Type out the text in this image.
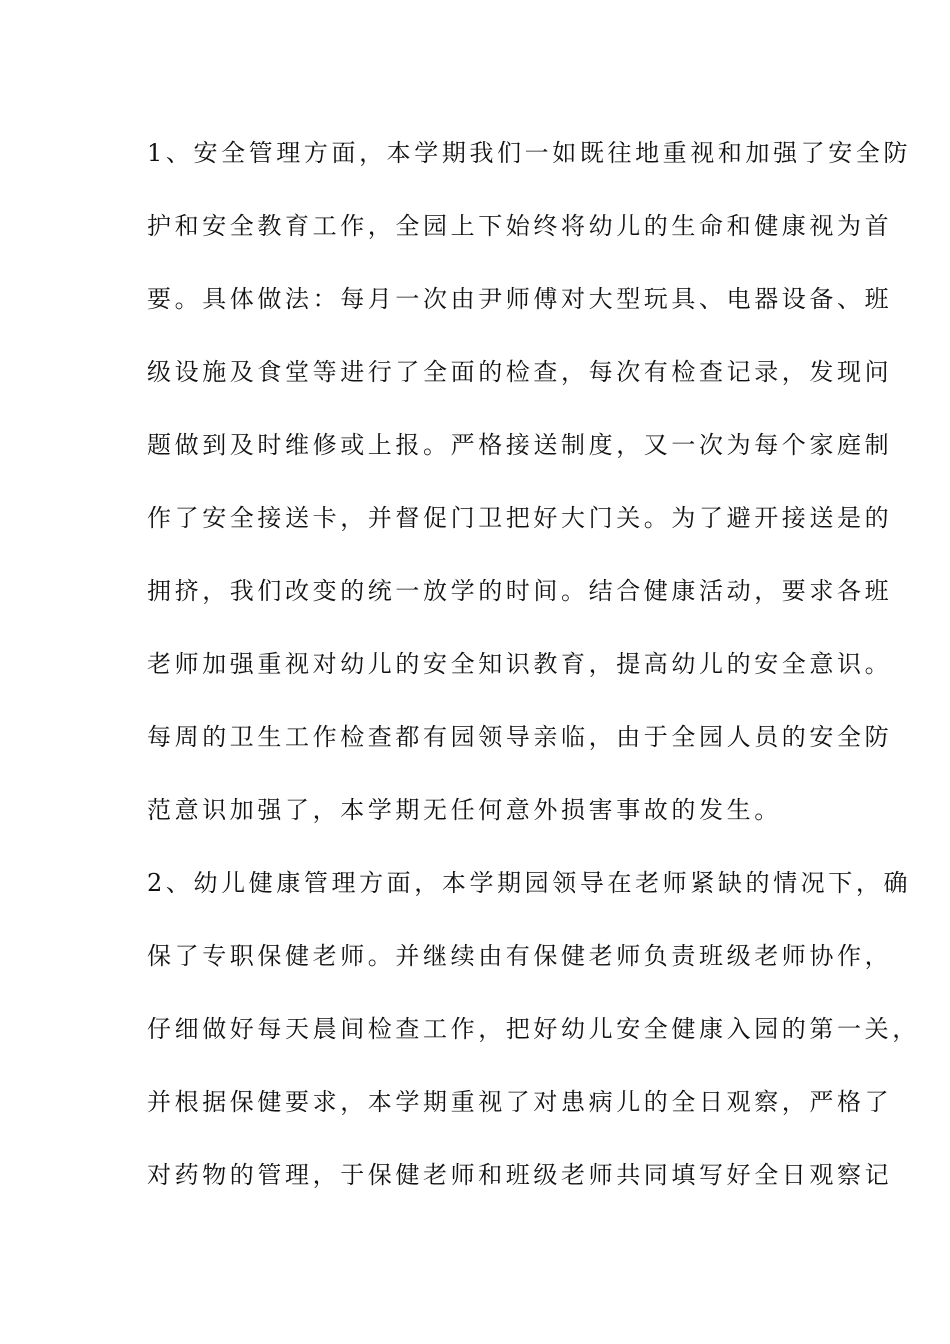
1、安全管理方面，本学期我们一如既往地重视和加强了安全防

护和安全教育工作，全园上下始终将幼儿的生命和健康视为首

要。具体做法：每月一次由尹师傅对大型玩具、电器设备、班

级设施及食堂等进行了全面的检查，每次有检查记录，发现问

题做到及时维修或上报。严格接送制度，又一次为每个家庭制

作了安全接送卡，并督促门卫把好大门关。为了避开接送是的

拥挤，我们改变的统一放学的时间。结合健康活动，要求各班

老师加强重视对幼儿的安全知识教育，提高幼儿的安全意识。

每周的卫生工作检查都有园领导亲临，由于全园人员的安全防

范意识加强了，本学期无任何意外损害事故的发生。

2、幼儿健康管理方面，本学期园领导在老师紧缺的情况下，确

保了专职保健老师。并继续由有保健老师负责班级老师协作，

仔细做好每天晨间检查工作，把好幼儿安全健康入园的第一关，

并根据保健要求，本学期重视了对患病儿的全日观察，严格了

对药物的管理，于保健老师和班级老师共同填写好全日观察记
